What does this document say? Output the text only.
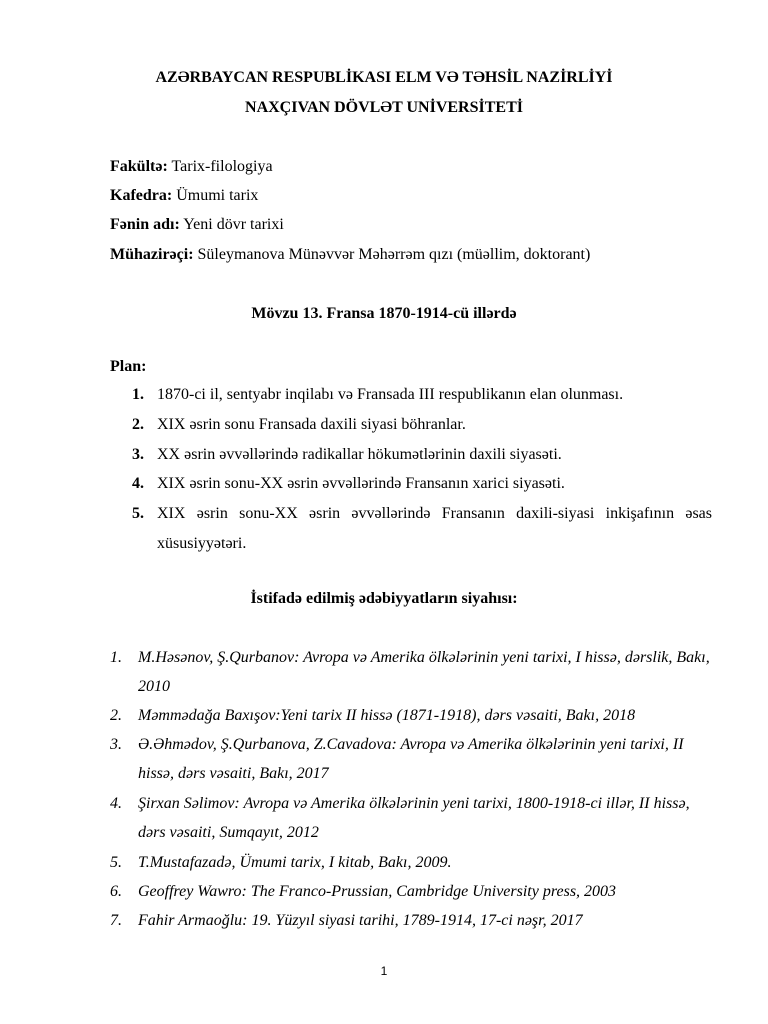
AZƏRBAYCAN RESPUBLİKASI ELM VƏ TƏHSİL NAZİRLİYİ
NAXÇIVAN DÖVLƏT UNİVERSİTETİ
Fakültə: Tarix-filologiya
Kafedra: Ümumi tarix
Fənin adı: Yeni dövr tarixi
Mühazirəçi: Süleymanova Münəvvər Məhərrəm qızı (müəllim, doktorant)
Mövzu 13. Fransa 1870-1914-cü illərdə
Plan:
1. 1870-ci il, sentyabr inqilabı və Fransada III respublikanın elan olunması.
2. XIX əsrin sonu Fransada daxili siyasi böhranlar.
3. XX əsrin əvvəllərində radikallar hökumətlərinin daxili siyasəti.
4. XIX əsrin sonu-XX əsrin əvvəllərində Fransanın xarici siyasəti.
5. XIX əsrin sonu-XX əsrin əvvəllərində Fransanın daxili-siyasi inkişafının əsas xüsusiyyətəri.
İstifadə edilmiş ədəbiyyatların siyahısı:
1. M.Həsənov, Ş.Qurbanov: Avropa və Amerika ölkələrinin yeni tarixi, I hissə, dərslik, Bakı, 2010
2. Məmmədağa Baxışov:Yeni tarix II hissə (1871-1918), dərs vəsaiti, Bakı, 2018
3. Ə.Əhmədov, Ş.Qurbanova, Z.Cavadova: Avropa və Amerika ölkələrinin yeni tarixi, II hissə, dərs vəsaiti, Bakı, 2017
4. Şirxan Səlimov: Avropa və Amerika ölkələrinin yeni tarixi, 1800-1918-ci illər, II hissə, dərs vəsaiti, Sumqayıt, 2012
5. T.Mustafazadə, Ümumi tarix, I kitab, Bakı, 2009.
6. Geoffrey Wawro: The Franco-Prussian, Cambridge University press, 2003
7. Fahir Armaoğlu: 19. Yüzyıl siyasi tarihi, 1789-1914, 17-ci nəşr, 2017
1
